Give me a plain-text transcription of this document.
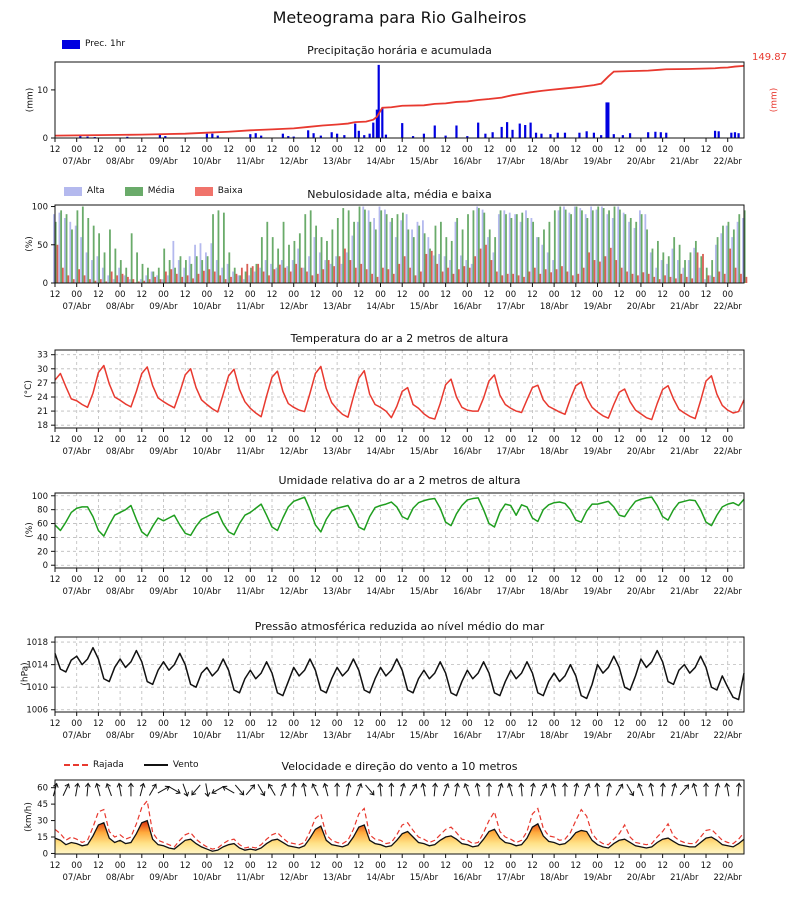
0
10
12 00
07/Abr
12 00
08/Abr
12 00
09/Abr
12 00
10/Abr
12 00
11/Abr
12 00
12/Abr
12 00
13/Abr
12 00
14/Abr
12 00
15/Abr
12 00
16/Abr
12 00
17/Abr
12 00
18/Abr
12 00
19/Abr
12 00
20/Abr
12 00
21/Abr
12 00
22/Abr
0
50
100
12 00
07/Abr
12 00
08/Abr
12 00
09/Abr
12 00
10/Abr
12 00
11/Abr
12 00
12/Abr
12 00
13/Abr
12 00
14/Abr
12 00
15/Abr
12 00
16/Abr
12 00
17/Abr
12 00
18/Abr
12 00
19/Abr
12 00
20/Abr
12 00
21/Abr
12 00
22/Abr
18
21
24
27
30
33
12 00
07/Abr
12 00
08/Abr
12 00
09/Abr
12 00
10/Abr
12 00
11/Abr
12 00
12/Abr
12 00
13/Abr
12 00
14/Abr
12 00
15/Abr
12 00
16/Abr
12 00
17/Abr
12 00
18/Abr
12 00
19/Abr
12 00
20/Abr
12 00
21/Abr
12 00
22/Abr
0
20
40
60
80
100
12 00
07/Abr
12 00
08/Abr
12 00
09/Abr
12 00
10/Abr
12 00
11/Abr
12 00
12/Abr
12 00
13/Abr
12 00
14/Abr
12 00
15/Abr
12 00
16/Abr
12 00
17/Abr
12 00
18/Abr
12 00
19/Abr
12 00
20/Abr
12 00
21/Abr
12 00
22/Abr
1006
1010
1014
1018
12 00
07/Abr
12 00
08/Abr
12 00
09/Abr
12 00
10/Abr
12 00
11/Abr
12 00
12/Abr
12 00
13/Abr
12 00
14/Abr
12 00
15/Abr
12 00
16/Abr
12 00
17/Abr
12 00
18/Abr
12 00
19/Abr
12 00
20/Abr
12 00
21/Abr
12 00
22/Abr
0
15
30
45
60
12 00
07/Abr
12 00
08/Abr
12 00
09/Abr
12 00
10/Abr
12 00
11/Abr
12 00
12/Abr
12 00
13/Abr
12 00
14/Abr
12 00
15/Abr
12 00
16/Abr
12 00
17/Abr
12 00
18/Abr
12 00
19/Abr
12 00
20/Abr
12 00
21/Abr
12 00
22/Abr
Meteograma para Rio Galheiros
Precipitação horária e acumulada
Nebulosidade alta, média e baixa
Temperatura do ar a 2 metros de altura
Umidade relativa do ar a 2 metros de altura
Pressão atmosférica reduzida ao nível médio do mar
Velocidade e direção do vento a 10 metros
(mm)
(%)
(°C)
(%)
(hPa)
(km/h)
(mm)
149.87
Prec. 1hr
Alta	Média	Baixa
Rajada	Vento
